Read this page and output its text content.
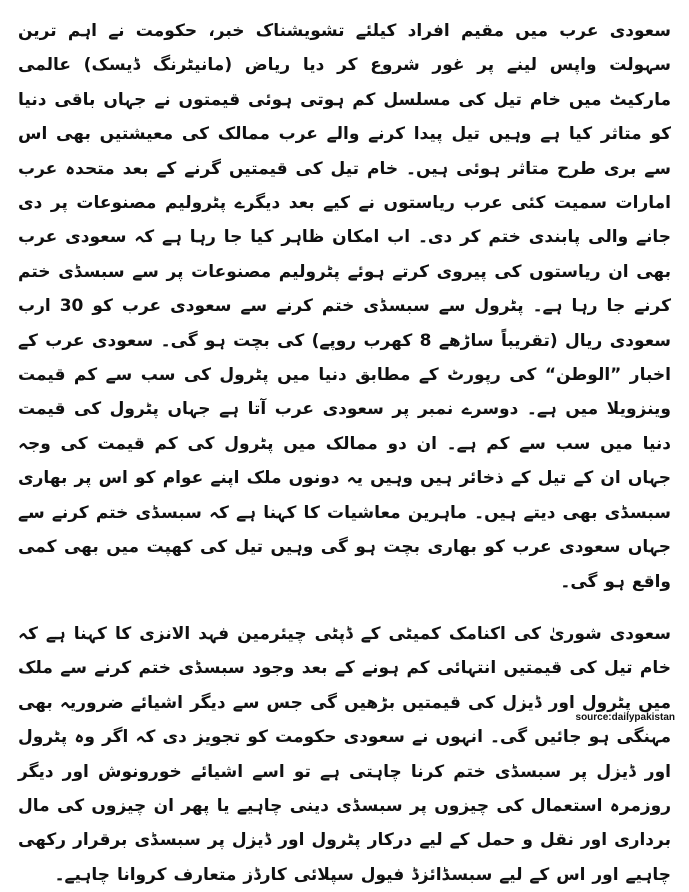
سعودی عرب میں مقیم افراد کیلئے تشویشناک خبر، حکومت نے اہم ترین سہولت واپس لینے پر غور شروع کر دیا ریاض (مانیٹرنگ ڈیسک) عالمی مارکیٹ میں خام تیل کی مسلسل کم ہوتی ہوئی قیمتوں نے جہاں باقی دنیا کو متاثر کیا ہے وہیں تیل پیدا کرنے والے عرب ممالک کی معیشتیں بھی اس سے بری طرح متاثر ہوئی ہیں۔ خام تیل کی قیمتیں گرنے کے بعد متحدہ عرب امارات سمیت کئی عرب ریاستوں نے کیے بعد دیگرے پٹرولیم مصنوعات پر دی جانے والی پابندی ختم کر دی۔ اب امکان ظاہر کیا جا رہا ہے کہ سعودی عرب بھی ان ریاستوں کی پیروی کرتے ہوئے پٹرولیم مصنوعات پر سے سبسڈی ختم کرنے جا رہا ہے۔ پٹرول سے سبسڈی ختم کرنے سے سعودی عرب کو 30 ارب سعودی ریال (تقریباً ساڑھے 8 کھرب روپے) کی بچت ہو گی۔ سعودی عرب کے اخبار ”الوطن“ کی رپورٹ کے مطابق دنیا میں پٹرول کی سب سے کم قیمت وینزویلا میں ہے۔ دوسرے نمبر پر سعودی عرب آتا ہے جہاں پٹرول کی قیمت دنیا میں سب سے کم ہے۔ ان دو ممالک میں پٹرول کی کم قیمت کی وجہ جہاں ان کے تیل کے ذخائر ہیں وہیں یہ دونوں ملک اپنے عوام کو اس پر بھاری سبسڈی بھی دیتے ہیں۔ ماہرین معاشیات کا کہنا ہے کہ سبسڈی ختم کرنے سے جہاں سعودی عرب کو بھاری بچت ہو گی وہیں تیل کی کھپت میں بھی کمی واقع ہو گی۔

سعودی شوریٰ کی اکنامک کمیٹی کے ڈپٹی چیئرمین فہد الانزی کا کہنا ہے کہ خام تیل کی قیمتیں انتہائی کم ہونے کے بعد وجود سبسڈی ختم کرنے سے ملک میں پٹرول اور ڈیزل کی قیمتیں بڑھیں گی جس سے دیگر اشیائے ضروریہ بھی مہنگی ہو جائیں گی۔ انہوں نے سعودی حکومت کو تجویز دی کہ اگر وہ پٹرول اور ڈیزل پر سبسڈی ختم کرنا چاہتی ہے تو اسے اشیائے خورونوش اور دیگر روزمرہ استعمال کی چیزوں پر سبسڈی دینی چاہیے یا پھر ان چیزوں کی مال برداری اور نقل و حمل کے لیے درکار پٹرول اور ڈیزل پر سبسڈی برقرار رکھی چاہیے اور اس کے لیے سبسڈائزڈ فیول سپلائی کارڈز متعارف کروانا چاہیے۔

source:dailypakistan
